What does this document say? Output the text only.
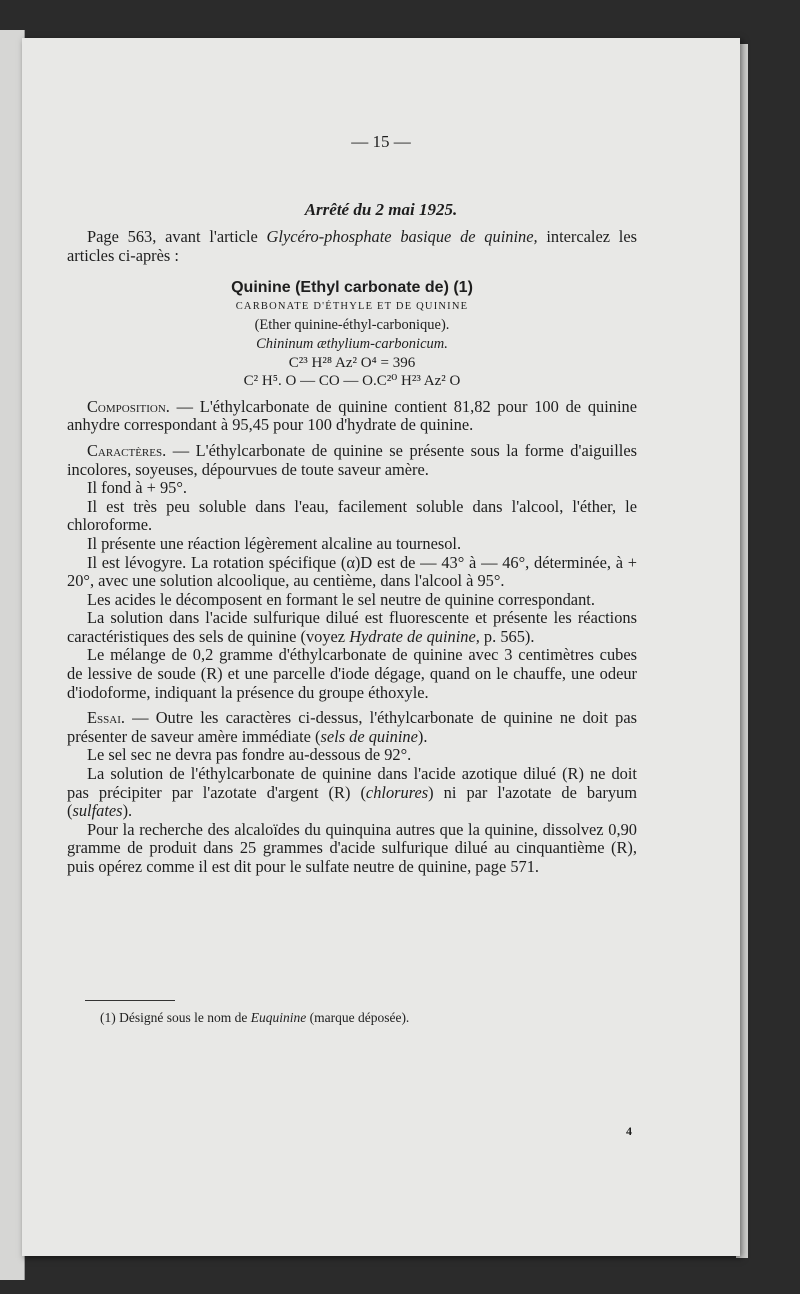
— 15 —
Arrêté du 2 mai 1925.

Page 563, avant l'article Glycéro-phosphate basique de quinine, intercalez les articles ci-après :

Quinine (Ethyl carbonate de) (1)

CARBONATE D'ÉTHYLE ET DE QUININE

(Ether quinine-éthyl-carbonique).

Chininum æthylium-carbonicum.

C²³ H²⁸ Az² O⁴ = 396

C² H⁵. O — CO — O.C²⁰ H²³ Az² O

Composition. — L'éthylcarbonate de quinine contient 81,82 pour 100 de quinine anhydre correspondant à 95,45 pour 100 d'hydrate de quinine.

Caractères. — L'éthylcarbonate de quinine se présente sous la forme d'aiguilles incolores, soyeuses, dépourvues de toute saveur amère.

Il fond à + 95°.

Il est très peu soluble dans l'eau, facilement soluble dans l'alcool, l'éther, le chloroforme.

Il présente une réaction légèrement alcaline au tournesol.

Il est lévogyre. La rotation spécifique (α)D est de — 43° à — 46°, déterminée, à + 20°, avec une solution alcoolique, au centième, dans l'alcool à 95°.

Les acides le décomposent en formant le sel neutre de quinine correspondant.

La solution dans l'acide sulfurique dilué est fluorescente et présente les réactions caractéristiques des sels de quinine (voyez Hydrate de quinine, p. 565).

Le mélange de 0,2 gramme d'éthylcarbonate de quinine avec 3 centimètres cubes de lessive de soude (R) et une parcelle d'iode dégage, quand on le chauffe, une odeur d'iodoforme, indiquant la présence du groupe éthoxyle.

Essai. — Outre les caractères ci-dessus, l'éthylcarbonate de quinine ne doit pas présenter de saveur amère immédiate (sels de quinine).

Le sel sec ne devra pas fondre au-dessous de 92°.

La solution de l'éthylcarbonate de quinine dans l'acide azotique dilué (R) ne doit pas précipiter par l'azotate d'argent (R) (chlorures) ni par l'azotate de baryum (sulfates).

Pour la recherche des alcaloïdes du quinquina autres que la quinine, dissolvez 0,90 gramme de produit dans 25 grammes d'acide sulfurique dilué au cinquantième (R), puis opérez comme il est dit pour le sulfate neutre de quinine, page 571.

(1) Désigné sous le nom de Euquinine (marque déposée).
4
